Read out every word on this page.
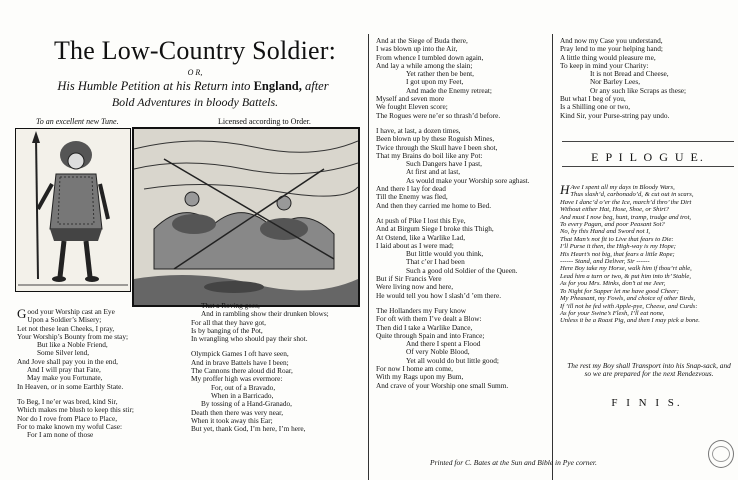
The Low-Country Soldier:
O R,
His Humble Petition at his Return into England, after
Bold Adventures in bloody Battels.
To an excellent new Tune.	Licensed according to Order.
Good your Worship cast an Eye
Upon a Soldier’s Misery;
Let not these lean Cheeks, I pray,
Your Worship’s Bounty from me stay;
But like a Noble Friend,
Some Silver lend,
And Jove shall pay you in the end,
And I will pray that Fate,
May make you Fortunate,
In Heaven, or in some Earthly State.
To Beg, I ne’er was bred, kind Sir,
Which makes me blush to keep this stir;
Nor do I rove from Place to Place,
For to make known my woful Case:
For I am none of those
That a Roving goes,
And in rambling show their drunken blows;
For all that they have got,
Is by banging of the Pot,
In wrangling who should pay their shot.
Olympick Games I oft have seen,
And in brave Battels have I been;
The Cannons there aloud did Roar,
My proffer high was evermore:
For, out of a Bravado,
When in a Barricado,
By tossing of a Hand-Granado,
Death then there was very near,
When it took away this Ear;
But yet, thank God, I’m here, I’m here,
And at the Siege of Buda there,
I was blown up into the Air,
From whence I tumbled down again,
And lay a while among the slain;
Yet rather then be bent,
I got upon my Feet,
And made the Enemy retreat;
Myself and seven more
We fought Eleven score;
The Rogues were ne’er so thrash’d before.
I have, at last, a dozen times,
Been blown up by these Roguish Mines,
Twice through the Skull have I been shot,
That my Brains do boil like any Pot:
Such Dangers have I past,
At first and at last,
As would make your Worship sore aghast.
And there I lay for dead
Till the Enemy was fled,
And then they carried me home to Bed.
At push of Pike I lost this Eye,
And at Birgum Siege I broke this Thigh,
At Ostend, like a Warlike Lad,
I laid about as I were mad;
But little would you think,
That c’er I had been
Such a good old Soldier of the Queen.
But if Sir Francis Vere
Were living now and here,
He would tell you how I slash’d ’em there.
The Hollanders my Fury know
For oft with them I’ve dealt a Blow:
Then did I take a Warlike Dance,
Quite through Spain and into France;
And there I spent a Flood
Of very Noble Blood,
Yet all would do but little good;
For now I home am come,
With my Rags upon my Bum,
And crave of your Worship one small Summ.
And now my Case you understand,
Pray lend to me your helping hand;
A little thing would pleasure me,
To keep in mind your Charity:
It is not Bread and Cheese,
Nor Barley Lees,
Or any such like Scraps as these;
But what I beg of you,
Is a Shilling one or two,
Kind Sir, your Purse-string pay undo.
E P I L O G U E.
H Ave I spent all my days in Bloody Wars,
Thus slash’d, carbonado’d, & cut out in scars,
Have I danc’d o’er the Ice, march’d thro’ the Dirt
Without either Hat, Hose, Shoe, or Shirt?
And must I now beg, hunt, tramp, trudge and trot,
To every Pagan, and poor Peasant Sot?
No, by this Hand and Sword not I,
That Man’s not fit to Live that fears to Die:
I’ll Purse it then, the High-way is my Hope;
His Heart’s not big, that fears a little Rope;
------ Stand, and Deliver, Sir ------
Here Boy take my Horse, walk him if thou’rt able,
Lead him a turn or two, & put him into th’ Stable,
As for you Mrs. Minks, don’t at me Jeer,
To Night for Supper let me have good Cheer;
My Pheasant, my Fowls, and choice of other Birds,
If ’ill not be fed with Apple-pye, Cheese, and Curds:
As for your Swine’s Flesh, I’ll eat none,
Unless it be a Roast Pig, and then I may pick a bone.
The rest my Boy shall Transport into his Snap-sack, and so we are prepared for the next Rendezvous.
F I N I S.
Printed for C. Bates at the Sun and Bible in Pye corner.
